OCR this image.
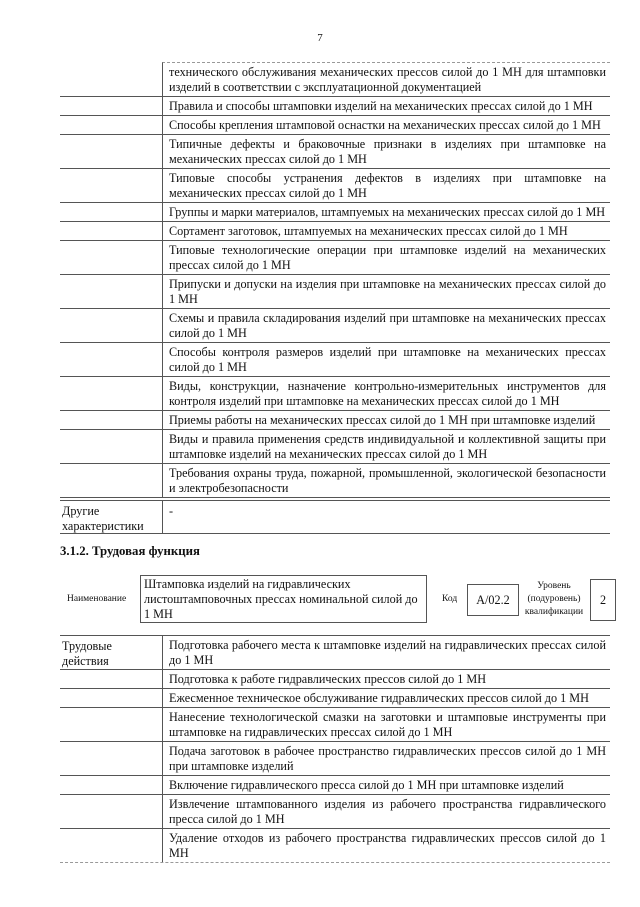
7
технического обслуживания механических прессов силой до 1 МН для штамповки изделий в соответствии с эксплуатационной документацией
Правила и способы штамповки изделий на механических прессах силой до 1 МН
Способы крепления штамповой оснастки на механических прессах силой до 1 МН
Типичные дефекты и браковочные признаки в изделиях при штамповке на механических прессах силой до 1 МН
Типовые способы устранения дефектов в изделиях при штамповке на механических прессах силой до 1 МН
Группы и марки материалов, штампуемых на механических прессах силой до 1 МН
Сортамент заготовок, штампуемых на механических прессах силой до 1 МН
Типовые технологические операции при штамповке изделий на механических прессах силой до 1 МН
Припуски и допуски на изделия при штамповке на механических прессах силой до 1 МН
Схемы и правила складирования изделий при штамповке на механических прессах силой до 1 МН
Способы контроля размеров изделий при штамповке на механических прессах силой до 1 МН
Виды, конструкции, назначение контрольно-измерительных инструментов для контроля изделий при штамповке на механических прессах силой до 1 МН
Приемы работы на механических прессах силой до 1 МН при штамповке изделий
Виды и правила применения средств индивидуальной и коллективной защиты при штамповке изделий на механических прессах силой до 1 МН
Требования охраны труда, пожарной, промышленной, экологической безопасности и электробезопасности
Другие характеристики
-
3.1.2. Трудовая функция
Наименование
Штамповка изделий на гидравлических листоштамповочных прессах номинальной силой до 1 МН
Код	A/02.2
Уровень (подуровень) квалификации
2
Трудовые действия
Подготовка рабочего места к штамповке изделий на гидравлических прессах силой до 1 МН
Подготовка к работе гидравлических прессов силой до 1 МН
Ежесменное техническое обслуживание гидравлических прессов силой до 1 МН
Нанесение технологической смазки на заготовки и штамповые инструменты при штамповке на гидравлических прессах силой до 1 МН
Подача заготовок в рабочее пространство гидравлических прессов силой до 1 МН при штамповке изделий
Включение гидравлического пресса силой до 1 МН при штамповке изделий
Извлечение штампованного изделия из рабочего пространства гидравлического пресса силой до 1 МН
Удаление отходов из рабочего пространства гидравлических прессов силой до 1 МН
